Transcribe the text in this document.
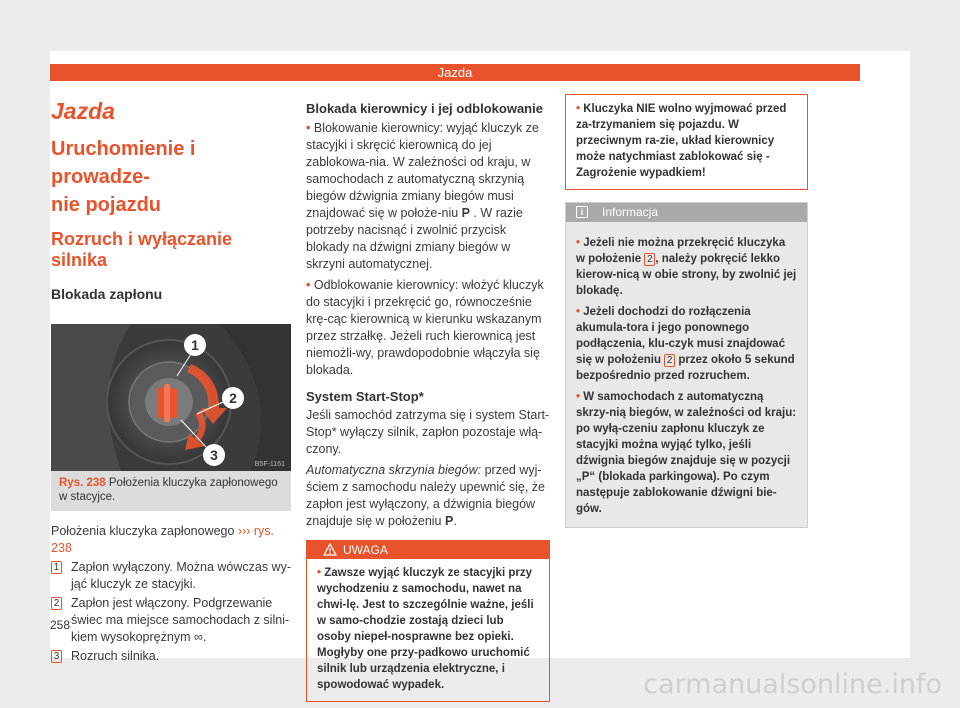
Jazda
Jazda
Uruchomienie i prowadze-
nie pojazdu
Rozruch i wyłączanie silnika
Blokada zapłonu
1
2
3
B5F-1161
Rys. 238 Położenia kluczyka zapłonowego w stacyjce.

Położenia kluczyka zapłonowego ››› rys. 238

1 Zapłon wyłączony. Można wówczas wy-jąć kluczyk ze stacyjki.
2 Zapłon jest włączony. Podgrzewanie świec ma miejsce samochodach z silni-kiem wysokoprężnym ∞.
3 Rozruch silnika.
Blokada kierownicy i jej odblokowanie
• Blokowanie kierownicy: wyjąć kluczyk ze stacyjki i skręcić kierownicą do jej zablokowa-nia. W zależności od kraju, w samochodach z automatyczną skrzynią biegów dźwignia zmiany biegów musi znajdować się w położe-niu P . W razie potrzeby nacisnąć i zwolnić przycisk blokady na dźwigni zmiany biegów w skrzyni automatycznej.
• Odblokowanie kierownicy: włożyć kluczyk do stacyjki i przekręcić go, równocześnie krę-cąc kierownicą w kierunku wskazanym przez strzałkę. Jeżeli ruch kierownicą jest niemożli-wy, prawdopodobnie włączyła się blokada.
System Start-Stop*

Jeśli samochód zatrzyma się i system Start-Stop* wyłączy silnik, zapłon pozostaje włą-czony.

Automatyczna skrzynia biegów: przed wyj-ściem z samochodu należy upewnić się, że zapłon jest wyłączony, a dźwignia biegów znajduje się w położeniu P.

UWAGA
• Zawsze wyjąć kluczyk ze stacyjki przy wychodzeniu z samochodu, nawet na chwi-lę. Jest to szczególnie ważne, jeśli w samo-chodzie zostają dzieci lub osoby niepeł-nosprawne bez opieki. Mogłyby one przy-padkowo uruchomić silnik lub urządzenia elektryczne, i spowodować wypadek.
• Kluczyka NIE wolno wyjmować przed za-trzymaniem się pojazdu. W przeciwnym ra-zie, układ kierownicy może natychmiast zablokować się - Zagrożenie wypadkiem!
i	Informacja
• Jeżeli nie można przekręcić kluczyka w położenie 2 , należy pokręcić lekko kierow-nicą w obie strony, by zwolnić jej blokadę.
• Jeżeli dochodzi do rozłączenia akumula-tora i jego ponownego podłączenia, klu-czyk musi znajdować się w położeniu 2 przez około 5 sekund bezpośrednio przed rozruchem.
• W samochodach z automatyczną skrzy-nią biegów, w zależności od kraju: po wyłą-czeniu zapłonu kluczyk ze stacyjki można wyjąć tylko, jeśli dźwignia biegów znajduje się w pozycji „P“ (blokada parkingowa). Po czym następuje zablokowanie dźwigni bie-gów.
258
carmanualsonline.info
